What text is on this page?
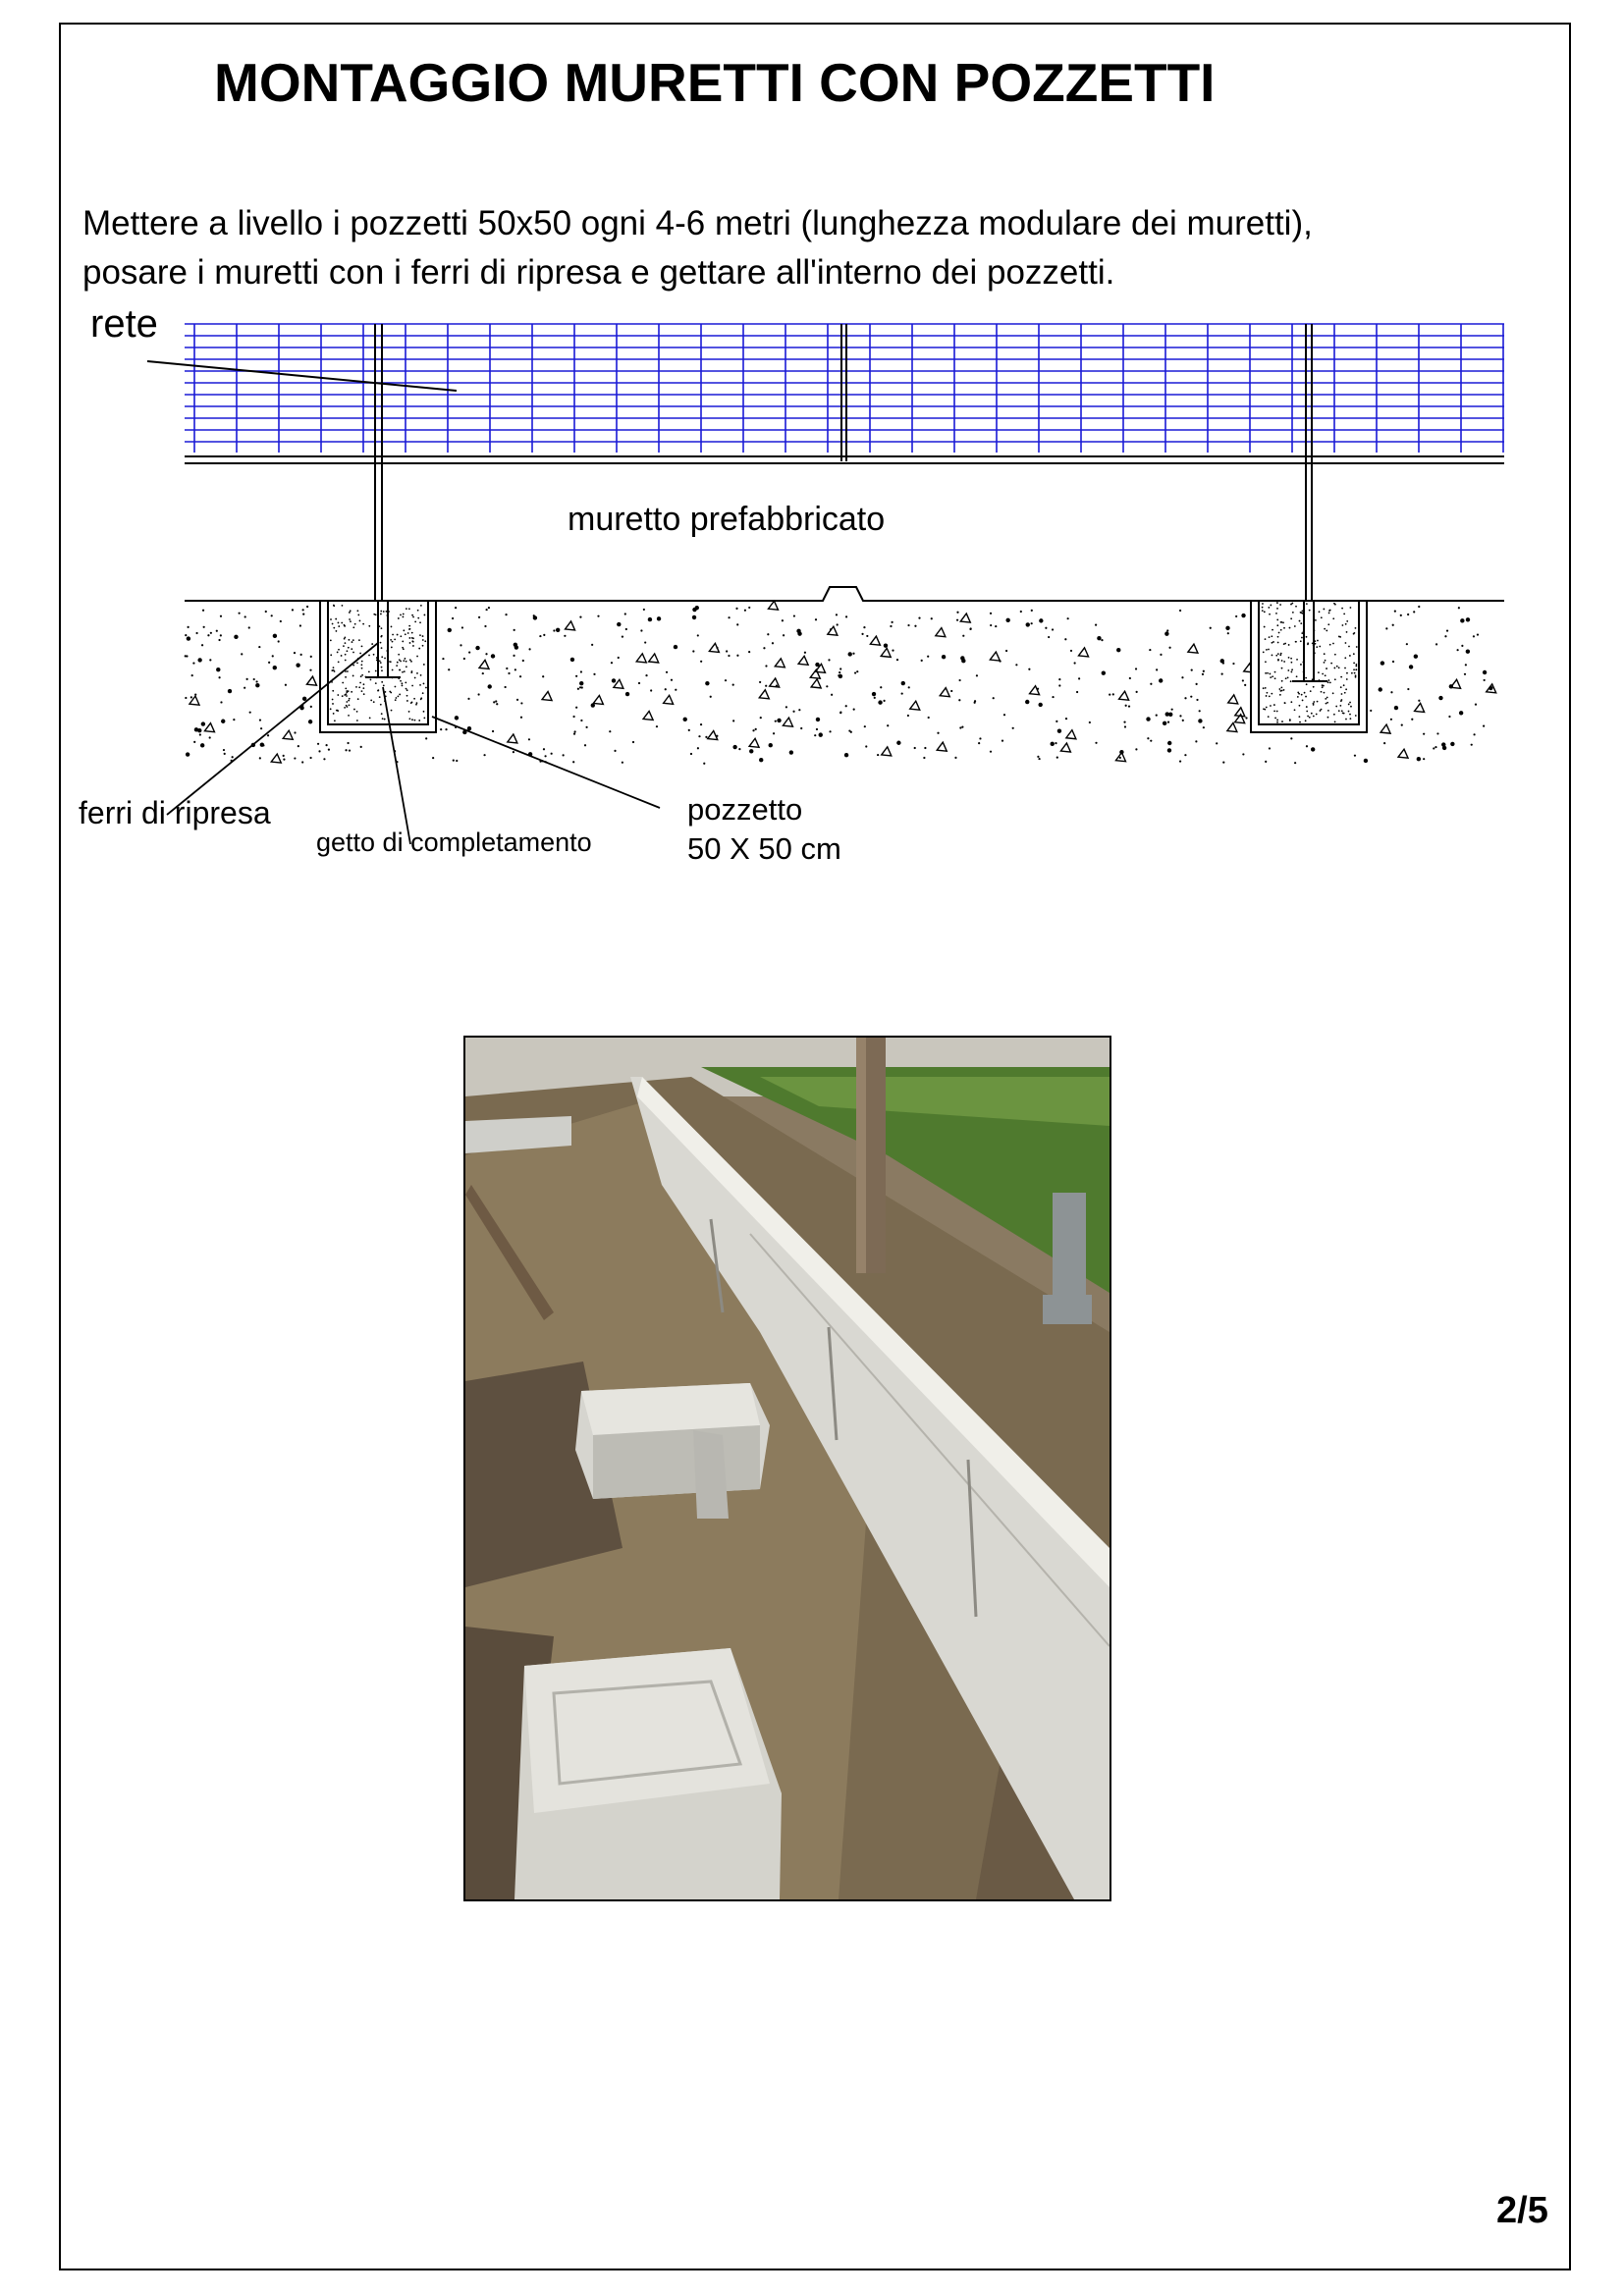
MONTAGGIO MURETTI CON POZZETTI
Mettere a livello i pozzetti 50x50 ogni 4-6 metri (lunghezza modulare dei muretti),
posare i muretti con i ferri di ripresa e gettare all'interno dei pozzetti.
rete
muretto prefabbricato
ferri di ripresa
getto di completamento
pozzetto
50 X 50 cm
2/5
